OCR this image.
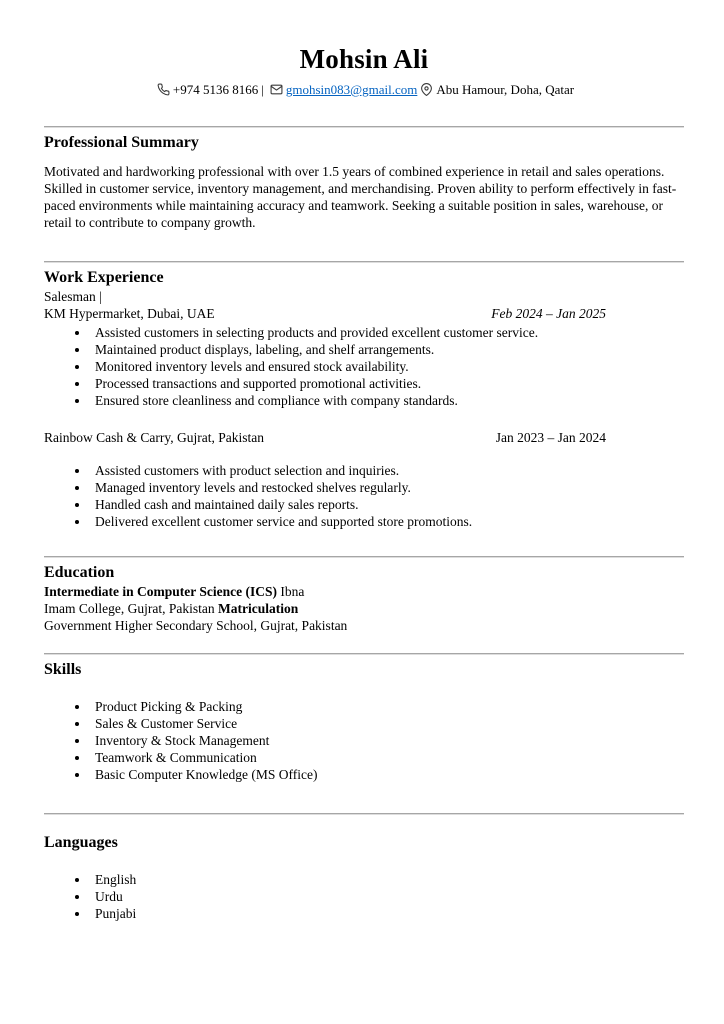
Mohsin Ali
+974 5136 8166 | gmohsin083@gmail.com Abu Hamour, Doha, Qatar
Professional Summary

Motivated and hardworking professional with over 1.5 years of combined experience in retail and sales operations. Skilled in customer service, inventory management, and merchandising. Proven ability to perform effectively in fast-paced environments while maintaining accuracy and teamwork. Seeking a suitable position in sales, warehouse, or retail to contribute to company growth.

Work Experience

Salesman |

KM Hypermarket, Dubai, UAE	Feb 2024 – Jan 2025
• Assisted customers in selecting products and provided excellent customer service.
• Maintained product displays, labeling, and shelf arrangements.
• Monitored inventory levels and ensured stock availability.
• Processed transactions and supported promotional activities.
• Ensured store cleanliness and compliance with company standards.
Rainbow Cash & Carry, Gujrat, Pakistan	Jan 2023 – Jan 2024
• Assisted customers with product selection and inquiries.
• Managed inventory levels and restocked shelves regularly.
• Handled cash and maintained daily sales reports.
• Delivered excellent customer service and supported store promotions.
Education

Intermediate in Computer Science (ICS) Ibna

Imam College, Gujrat, Pakistan Matriculation

Government Higher Secondary School, Gujrat, Pakistan

Skills
• Product Picking & Packing
• Sales & Customer Service
• Inventory & Stock Management
• Teamwork & Communication
• Basic Computer Knowledge (MS Office)
Languages
• English
• Urdu
• Punjabi
